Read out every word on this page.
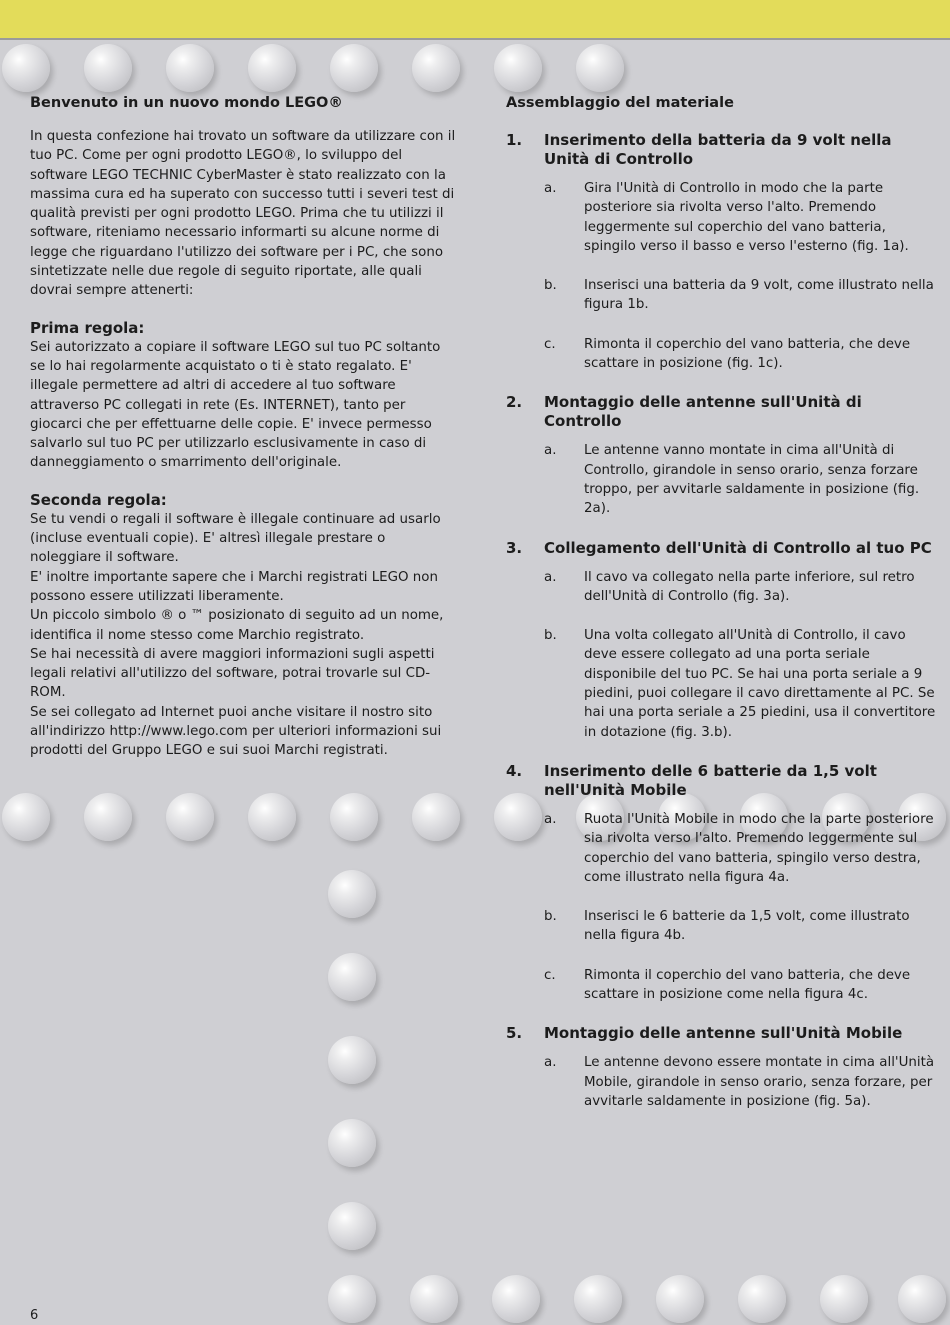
Benvenuto in un nuovo mondo LEGO®

In questa confezione hai trovato un software da utilizzare con il tuo PC. Come per ogni prodotto LEGO®, lo sviluppo del software LEGO TECHNIC CyberMaster è stato realizzato con la massima cura ed ha superato con successo tutti i severi test di qualità previsti per ogni prodotto LEGO. Prima che tu utilizzi il software, riteniamo necessario informarti su alcune norme di legge che riguardano l'utilizzo dei software per i PC, che sono sintetizzate nelle due regole di seguito riportate, alle quali dovrai sempre attenerti:

Prima regola:

Sei autorizzato a copiare il software LEGO sul tuo PC soltanto se lo hai regolarmente acquistato o ti è stato regalato. E' illegale permettere ad altri di accedere al tuo software attraverso PC collegati in rete (Es. INTERNET), tanto per giocarci che per effettuarne delle copie. E' invece permesso salvarlo sul tuo PC per utilizzarlo esclusivamente in caso di danneggiamento o smarrimento dell'originale.

Seconda regola:

Se tu vendi o regali il software è illegale continuare ad usarlo (incluse eventuali copie). E' altresì illegale prestare o noleggiare il software.

E' inoltre importante sapere che i Marchi registrati LEGO non possono essere utilizzati liberamente.

Un piccolo simbolo ® o ™ posizionato di seguito ad un nome, identifica il nome stesso come Marchio registrato.

Se hai necessità di avere maggiori informazioni sugli aspetti legali relativi all'utilizzo del software, potrai trovarle sul CD-ROM.

Se sei collegato ad Internet puoi anche visitare il nostro sito all'indirizzo http://www.lego.com per ulteriori informazioni sui prodotti del Gruppo LEGO e sui suoi Marchi registrati.

Assemblaggio del materiale
1.	Inserimento della batteria da 9 volt nella Unità di Controllo
a.	Gira l'Unità di Controllo in modo che la parte posteriore sia rivolta verso l'alto. Premendo leggermente sul coperchio del vano batteria, spingilo verso il basso e verso l'esterno (fig. 1a).
b.	Inserisci una batteria da 9 volt, come illustrato nella figura 1b.
c.	Rimonta il coperchio del vano batteria, che deve scattare in posizione (fig. 1c).
2.	Montaggio delle antenne sull'Unità di Controllo
a.	Le antenne vanno montate in cima all'Unità di Controllo, girandole in senso orario, senza forzare troppo, per avvitarle saldamente in posizione (fig. 2a).
3.	Collegamento dell'Unità di Controllo al tuo PC
a.	Il cavo va collegato nella parte inferiore, sul retro dell'Unità di Controllo (fig. 3a).
b.	Una volta collegato all'Unità di Controllo, il cavo deve essere collegato ad una porta seriale disponibile del tuo PC. Se hai una porta seriale a 9 piedini, puoi collegare il cavo direttamente al PC. Se hai una porta seriale a 25 piedini, usa il convertitore in dotazione (fig. 3.b).
4.	Inserimento delle 6 batterie da 1,5 volt nell'Unità Mobile
a.	Ruota l'Unità Mobile in modo che la parte posteriore sia rivolta verso l'alto. Premendo leggermente sul coperchio del vano batteria, spingilo verso destra, come illustrato nella figura 4a.
b.	Inserisci le 6 batterie da 1,5 volt, come illustrato nella figura 4b.
c.	Rimonta il coperchio del vano batteria, che deve scattare in posizione come nella figura 4c.
5.	Montaggio delle antenne sull'Unità Mobile
a.	Le antenne devono essere montate in cima all'Unità Mobile, girandole in senso orario, senza forzare, per avvitarle saldamente in posizione (fig. 5a).
6
